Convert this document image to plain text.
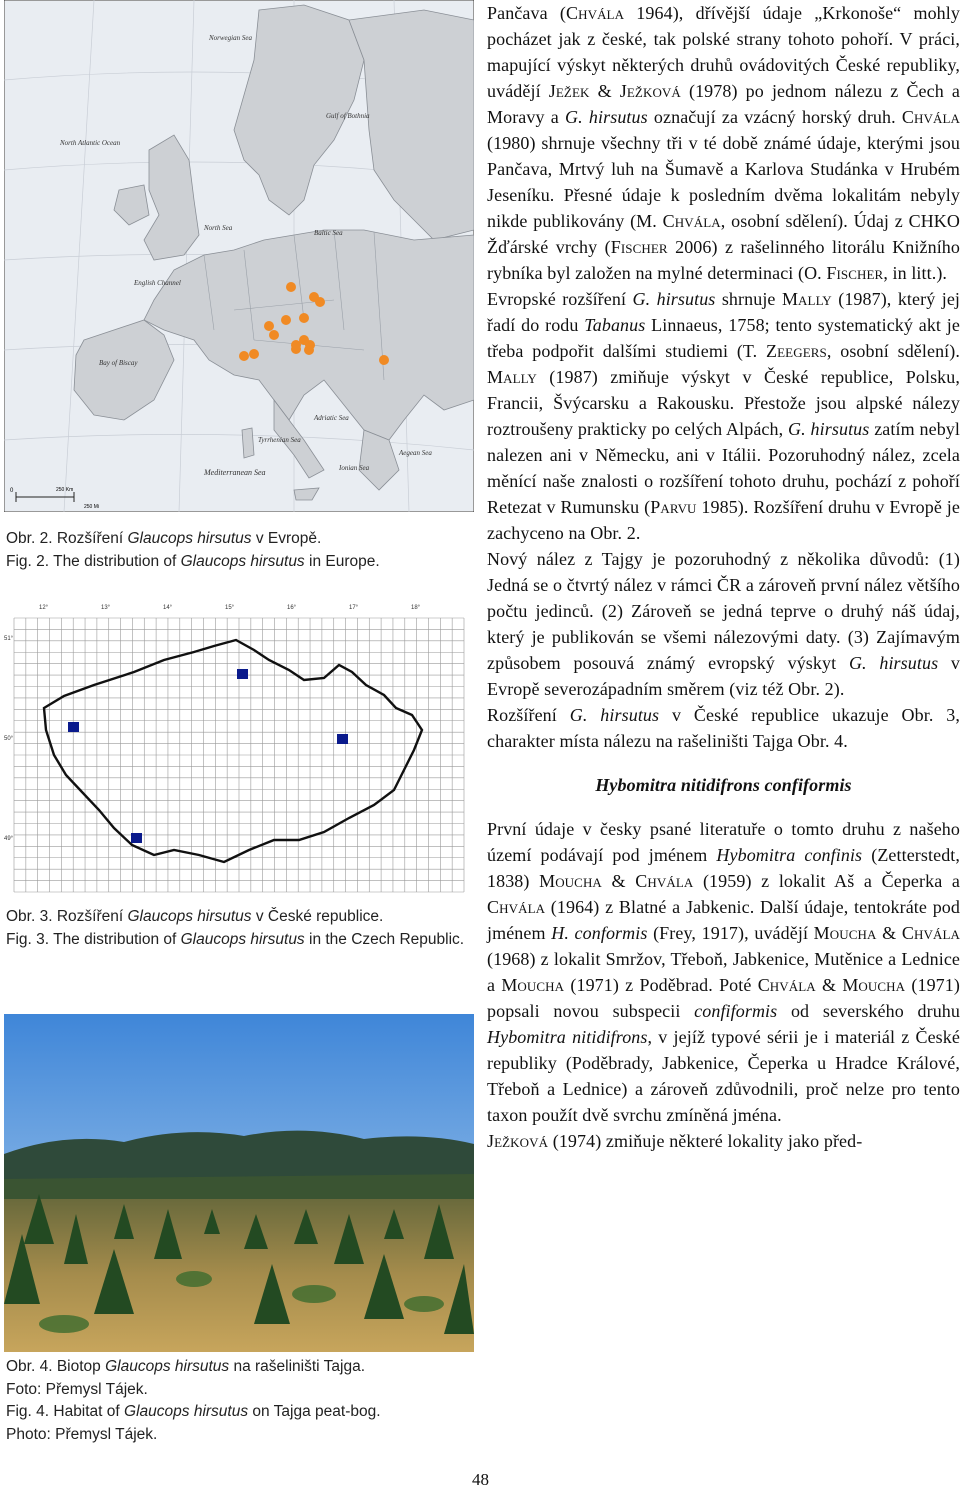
Norwegian Sea
North Atlantic Ocean
Gulf of Bothnia
North Sea
Baltic Sea
English Channel
Bay of Biscay
Adriatic Sea
Tyrrhenian Sea
Mediterranean Sea	Ionian Sea
Aegean Sea
0	250 Km
250 Mi
Obr. 2. Rozšíření Glaucops hirsutus v Evropě.
Fig. 2. The distribution of Glaucops hirsutus in Europe.
12°	13°	14°	15°	16°	17°	18°
51°
50°
49°
Obr. 3. Rozšíření Glaucops hirsutus v České republice.
Fig. 3. The distribution of Glaucops hirsutus in the Czech Republic.
Obr. 4. Biotop Glaucops hirsutus na rašeliništi Tajga.
Foto: Přemysl Tájek.
Fig. 4. Habitat of Glaucops hirsutus on Tajga peat-bog.
Photo: Přemysl Tájek.

Pančava (Chvála 1964), dřívější údaje „Krkonoše“ mohly pocházet jak z české, tak polské strany tohoto pohoří. V práci, mapující výskyt některých druhů ovádovitých České republiky, uvádějí Ježek & Ježková (1978) po jednom nálezu z Čech a Moravy a G. hirsutus označují za vzácný horský druh. Chvála (1980) shrnuje všechny tři v té době známé údaje, kterými jsou Pančava, Mrtvý luh na Šumavě a Karlova Studánka v Hrubém Jeseníku. Přesné údaje k posledním dvěma lokalitám nebyly nikde publikovány (M. Chvála, osobní sdělení). Údaj z CHKO Žďárské vrchy (Fischer 2006) z rašelinného litorálu Knižního rybníka byl založen na mylné determinaci (O. Fischer, in litt.).

Evropské rozšíření G. hirsutus shrnuje Mally (1987), který jej řadí do rodu Tabanus Linnaeus, 1758; tento systematický akt je třeba podpořit dalšími studiemi (T. Zeegers, osobní sdělení). Mally (1987) zmiňuje výskyt v České republice, Polsku, Francii, Švýcarsku a Rakousku. Přestože jsou alpské nálezy roztroušeny prakticky po celých Alpách, G. hirsutus zatím nebyl nalezen ani v Německu, ani v Itálii. Pozoruhodný nález, zcela měnící naše znalosti o rozšíření tohoto druhu, pochází z pohoří Retezat v Rumunsku (Parvu 1985). Rozšíření druhu v Evropě je zachyceno na Obr. 2.

Nový nález z Tajgy je pozoruhodný z několika důvodů: (1) Jedná se o čtvrtý nález v rámci ČR a zároveň první nález většího počtu jedinců. (2) Zároveň se jedná teprve o druhý náš údaj, který je publikován se všemi nálezovými daty. (3) Zajímavým způsobem posouvá známý evropský výskyt G. hirsutus v Evropě severozápadním směrem (viz též Obr. 2).

Rozšíření G. hirsutus v České republice ukazuje Obr. 3, charakter místa nálezu na rašeliništi Tajga Obr. 4.

Hybomitra nitidifrons confiformis

První údaje v česky psané literatuře o tomto druhu z našeho území podávají pod jménem Hybomitra confinis (Zetterstedt, 1838) Moucha & Chvála (1959) z lokalit Aš a Čeperka a Chvála (1964) z Blatné a Jabkenic. Další údaje, tentokráte pod jménem H. conformis (Frey, 1917), uvádějí Moucha & Chvála (1968) z lokalit Smržov, Třeboň, Jabkenice, Mutěnice a Lednice a Moucha (1971) z Poděbrad. Poté Chvála & Moucha (1971) popsali novou subspecii confiformis od severského druhu Hybomitra nitidifrons, v jejíž typové sérii je i materiál z České republiky (Poděbrady, Jabkenice, Čeperka u Hradce Králové, Třeboň a Lednice) a zároveň zdůvodnili, proč nelze pro tento taxon použít dvě svrchu zmíněná jména.

Ježková (1974) zmiňuje některé lokality jako před-

48
